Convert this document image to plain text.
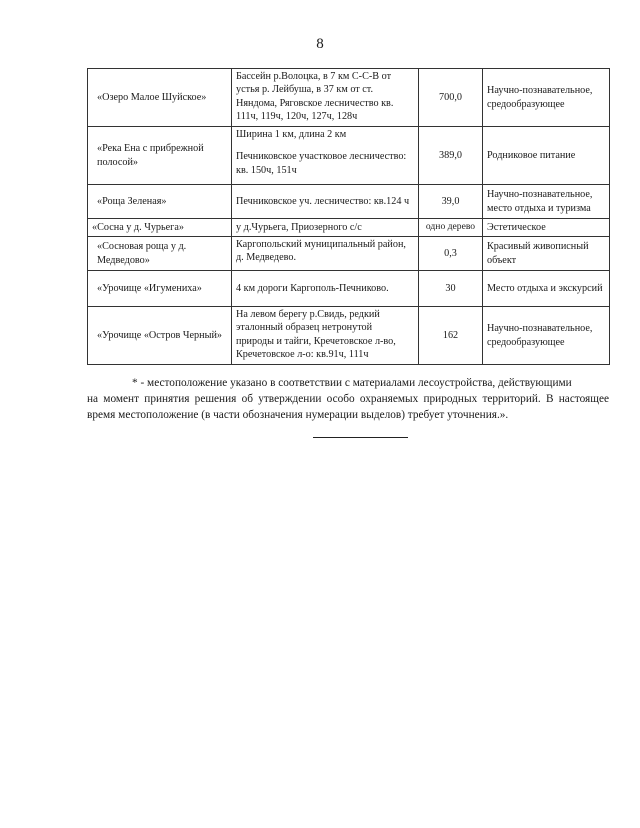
8
«Озеро Малое Шуйское»	Бассейн р.Волоцка, в 7 км С-С-В от
устья р. Лейбуша, в 37 км от ст.
Няндома, Ряговское лесничество кв.
111ч, 119ч, 120ч, 127ч, 128ч	700,0	Научно-познавательное, средообразующее
«Река Ена с прибрежной полосой»	Ширина 1 км, длина 2 км
Печниковское участковое лесничество:
кв. 150ч, 151ч	389,0	Родниковое питание
«Роща Зеленая»	Печниковское уч. лесничество: кв.124 ч	39,0	Научно-познавательное, место отдыха и туризма
«Сосна у д. Чурьега»	у д.Чурьега, Приозерного с/с	одно дерево	Эстетическое
«Сосновая роща у д. Медведово»	Каргопольский муниципальный район,
д. Медведево.	0,3	Красивый живописный объект
«Урочище «Игумениха»	4 км дороги Каргополь-Печниково.	30	Место отдыха и экскурсий
«Урочище «Остров Черный»	На левом берегу р.Свидь, редкий
эталонный образец нетронутой
природы и тайги, Кречетовское л-во,
Кречетовское л-о: кв.91ч, 111ч	162	Научно-познавательное, средообразующее
* - местоположение указано в соответствии с материалами лесоустройства, действующими
на момент принятия решения об утверждении особо охраняемых природных территорий. В настоящее время местоположение (в части обозначения нумерации выделов) требует уточнения.».
